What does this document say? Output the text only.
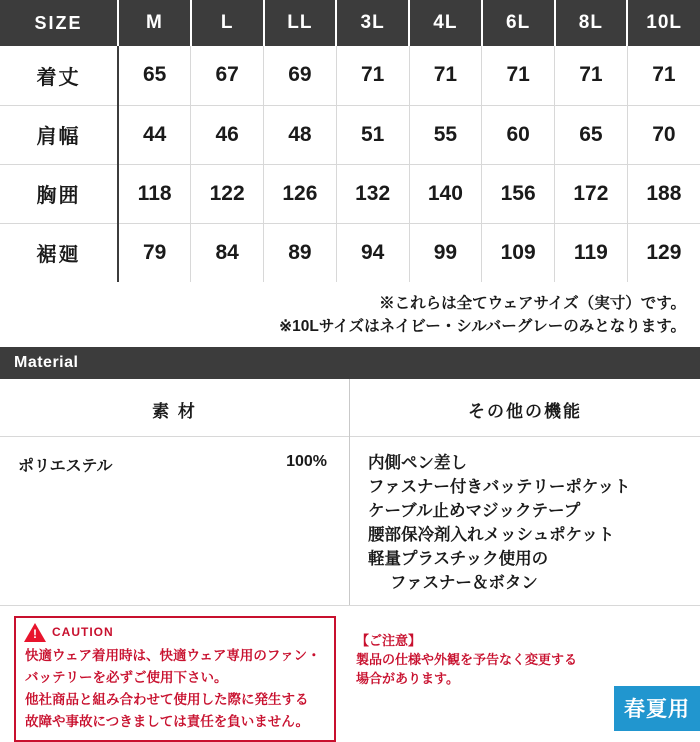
SIZE	M	L	LL	3L	4L	6L	8L	10L
着丈	65	67	69	71	71	71	71	71
肩幅	44	46	48	51	55	60	65	70
胸囲	118	122	126	132	140	156	172	188
裾廻	79	84	89	94	99	109	119	129
※これらは全てウェアサイズ（実寸）です。
※10Lサイズはネイビー・シルバーグレーのみとなります。
Material
素 材
ポリエステル	100%
その他の機能
内側ペン差し
ファスナー付きバッテリーポケット
ケーブル止めマジックテープ
腰部保冷剤入れメッシュポケット
軽量プラスチック使用の
ファスナー＆ボタン
! CAUTION
快適ウェア着用時は、快適ウェア専用のファン・
バッテリーを必ずご使用下さい。
他社商品と組み合わせて使用した際に発生する
故障や事故につきましては責任を負いません。
【ご注意】
製品の仕様や外観を予告なく変更する
場合があります。
春夏用
